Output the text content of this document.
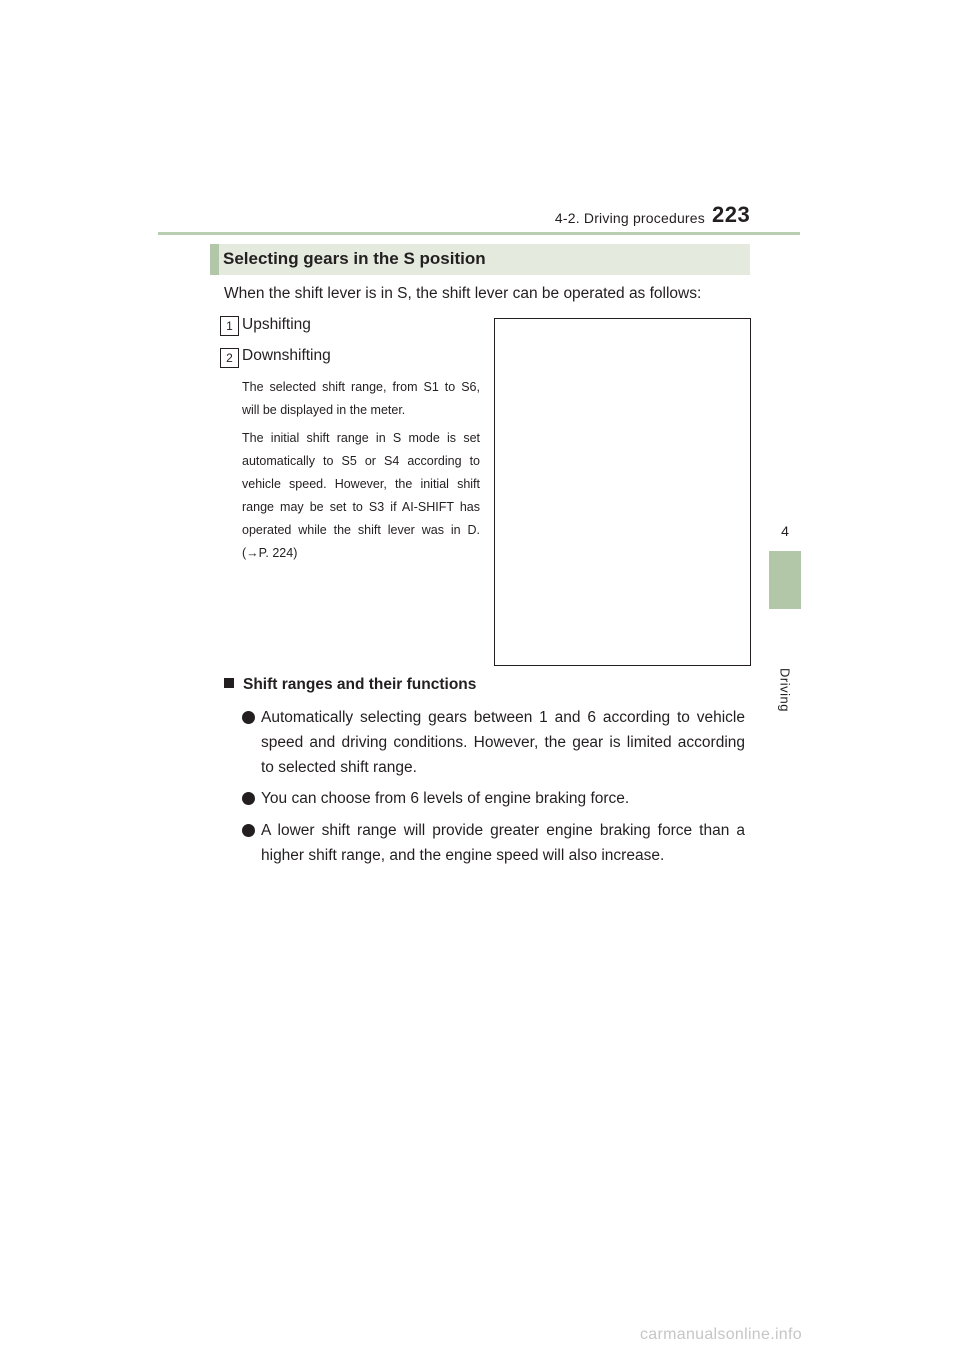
4-2. Driving procedures 223
4
Driving
Selecting gears in the S position
When the shift lever is in S, the shift lever can be operated as follows:
1 Upshifting
2 Downshifting
The selected shift range, from S1 to S6, will be displayed in the meter.
The initial shift range in S mode is set automatically to S5 or S4 according to vehicle speed. However, the initial shift range may be set to S3 if AI-SHIFT has operated while the shift lever was in D. (→P. 224)
Shift ranges and their functions
Automatically selecting gears between 1 and 6 according to vehicle speed and driving conditions. However, the gear is limited according to selected shift range.
You can choose from 6 levels of engine braking force.
A lower shift range will provide greater engine braking force than a higher shift range, and the engine speed will also increase.
carmanualsonline.info
